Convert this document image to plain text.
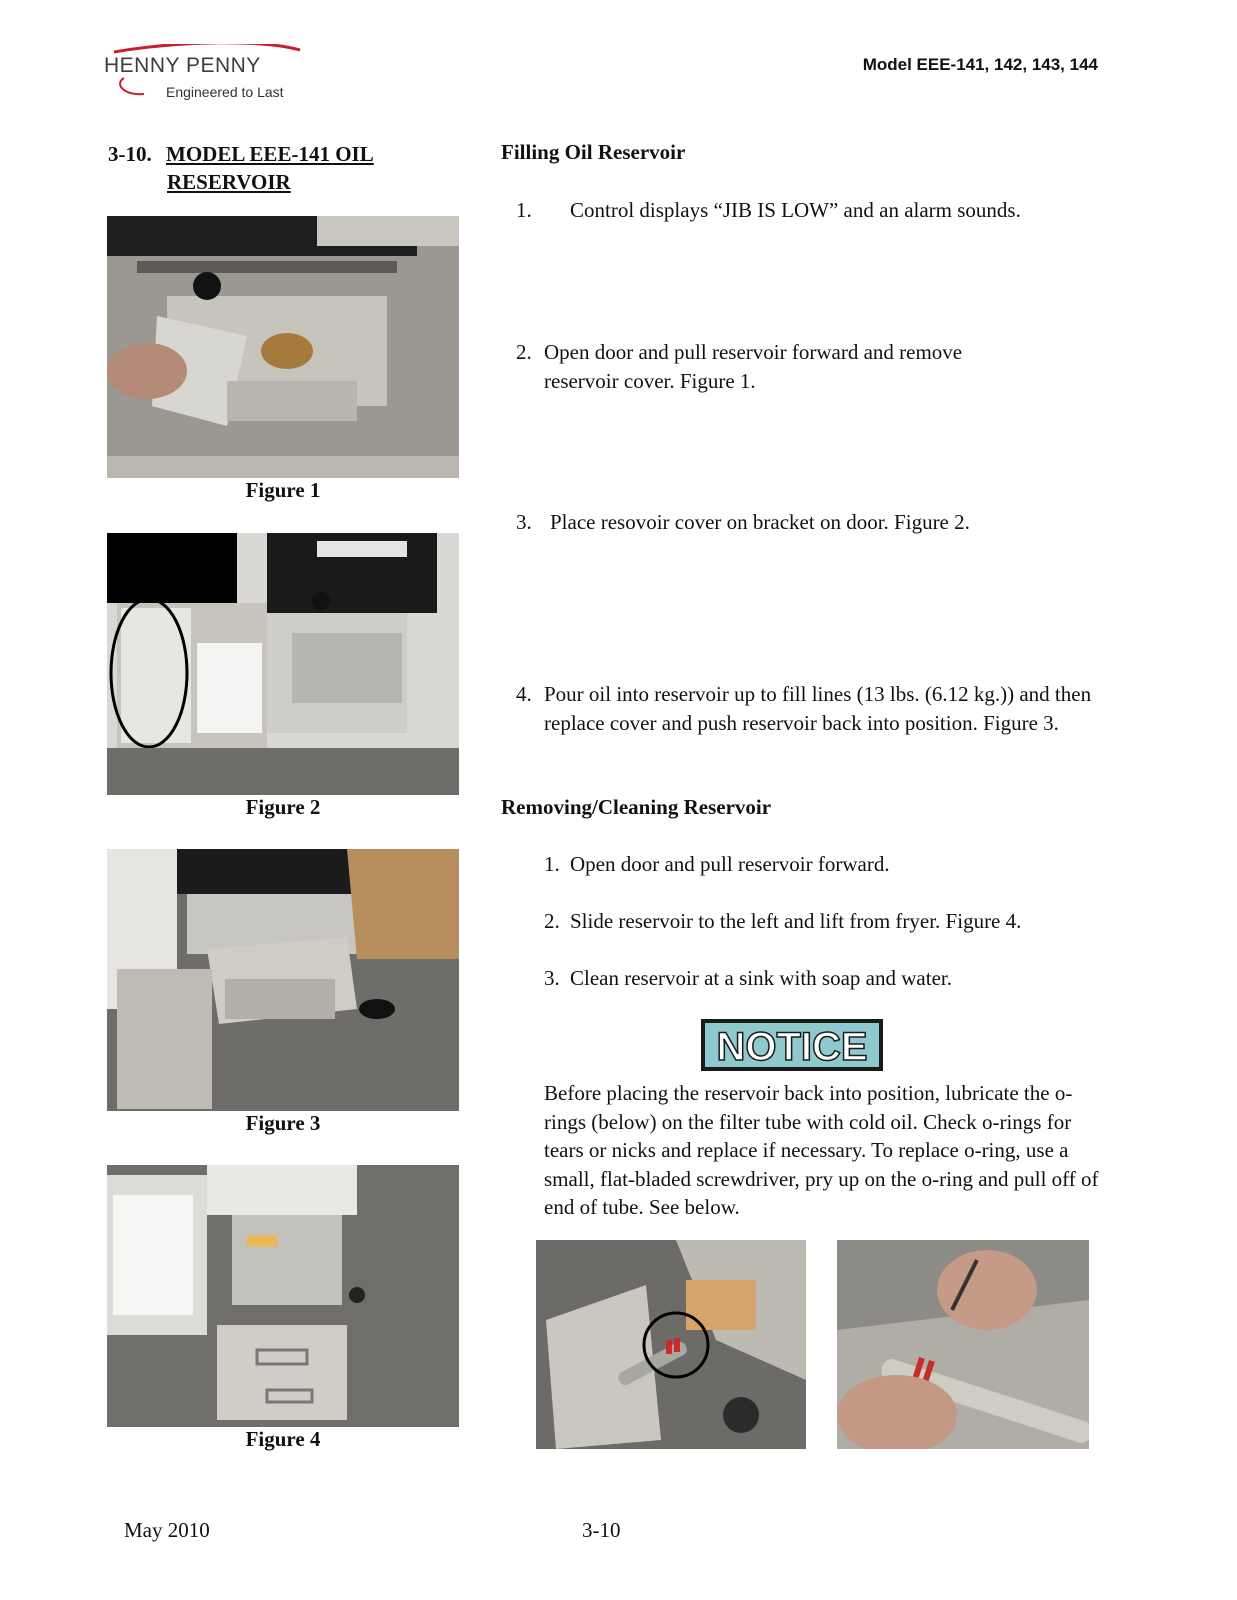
HENNY PENNY
Engineered to Last
Model EEE-141, 142, 143, 144
3-10. MODEL EEE-141 OIL
RESERVOIR
Figure 1
Figure 2
Figure 3
Figure 4
Filling Oil Reservoir
1. Control displays “JIB IS LOW” and an alarm sounds.
2. Open door and pull reservoir forward and remove reservoir cover. Figure 1.
3. Place resovoir cover on bracket on door. Figure 2.
4. Pour oil into reservoir up to fill lines (13 lbs. (6.12 kg.)) and then replace cover and push reservoir back into position. Figure 3.
Removing/Cleaning Reservoir
1. Open door and pull reservoir forward.
2. Slide reservoir to the left and lift from fryer. Figure 4.
3. Clean reservoir at a sink with soap and water.
NOTICE
Before placing the reservoir back into position, lubricate the o-rings (below) on the filter tube with cold oil. Check o-rings for tears or nicks and replace if necessary. To replace o-ring, use a small, flat-bladed screwdriver, pry up on the o-ring and pull off of end of tube. See below.
May 2010	3-10
